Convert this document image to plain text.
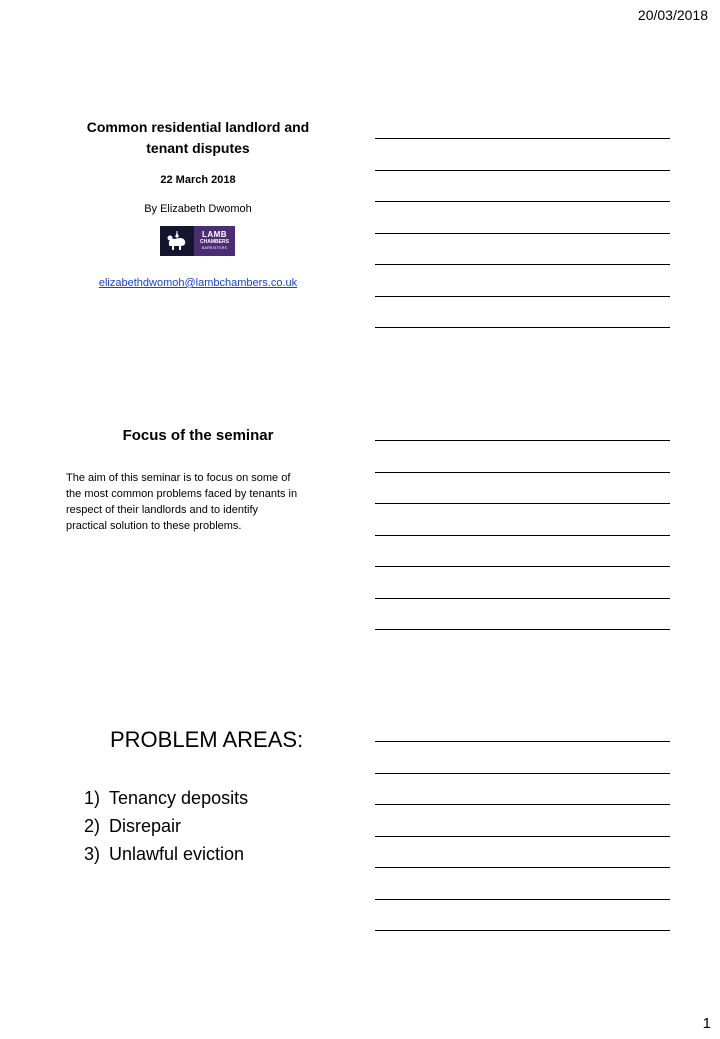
20/03/2018
Common residential landlord and
tenant disputes
22 March 2018
By Elizabeth Dwomoh
LAMB
CHAMBERS
BARRISTERS
elizabethdwomoh@lambchambers.co.uk
Focus of the seminar
The aim of this seminar is to focus on some of
the most common problems faced by tenants in
respect of their landlords and to identify
practical solution to these problems.
PROBLEM AREAS:
1) Tenancy deposits
2) Disrepair
3) Unlawful eviction
1
